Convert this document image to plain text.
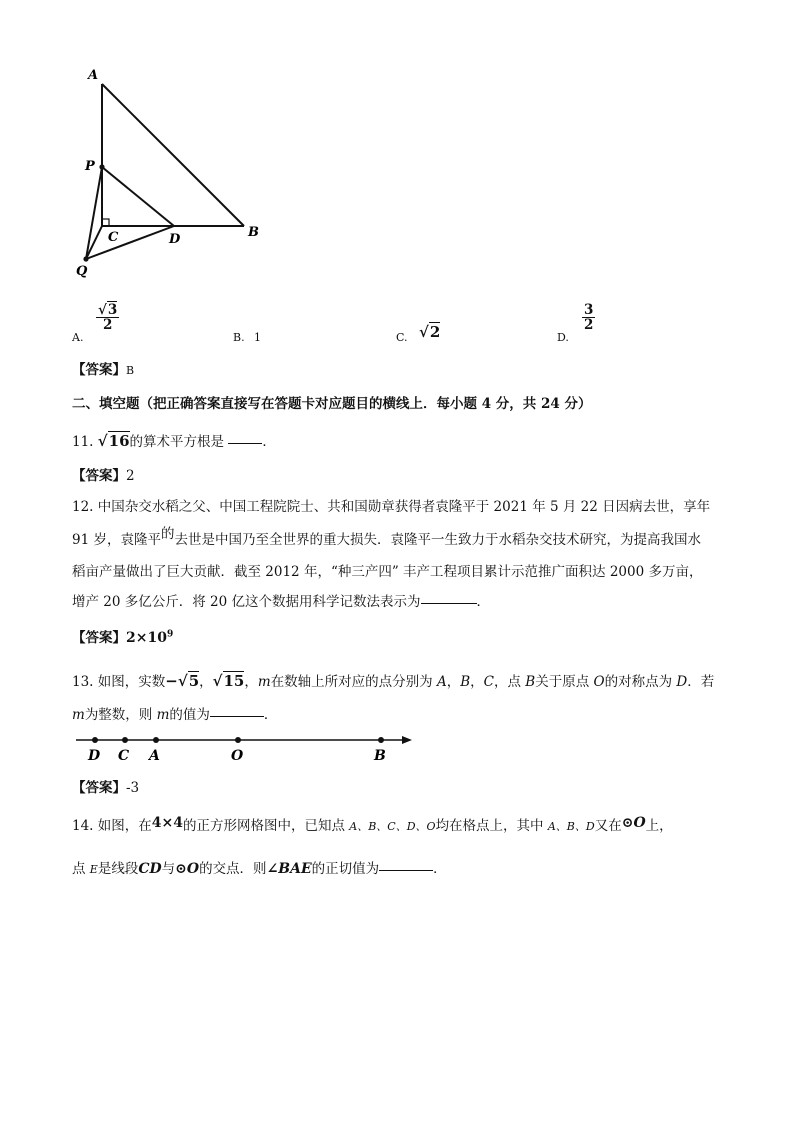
A
P
C	D	B
Q
A.
$\frac{√3}{2}$
B. 1	C. √2	D.
$\frac{3}{2}$
【答案】B
二、填空题（把正确答案直接写在答题卡对应题目的横线上．每小题 4 分，共 24 分）
11. √16的算术平方根是	．
【答案】2
12. 中国杂交水稻之父、中国工程院院士、共和国勋章获得者袁隆平于 2021 年 5 月 22 日因病去世，享年
91 岁，袁隆平的去世是中国乃至全世界的重大损失．袁隆平一生致力于水稻杂交技术研究，为提高我国水
稻亩产量做出了巨大贡献．截至 2012 年，“种三产四” 丰产工程项目累计示范推广面积达 2000 多万亩，
增产 20 多亿公斤．将 20 亿这个数据用科学记数法表示为	．
【答案】$2\times 10^9$
13. 如图，实数−√5，√15，m在数轴上所对应的点分别为 A，B，C，点 B关于原点 O的对称点为 D．若
m为整数，则 m的值为	．
D C A	O	B
【答案】-3
14. 如图，在4×4的正方形网格图中，已知点 A、B、C、D、O均在格点上，其中 A、B、D又在⊙O上，
点 E是线段CD与⊙O的交点．则∠BAE的正切值为	．
